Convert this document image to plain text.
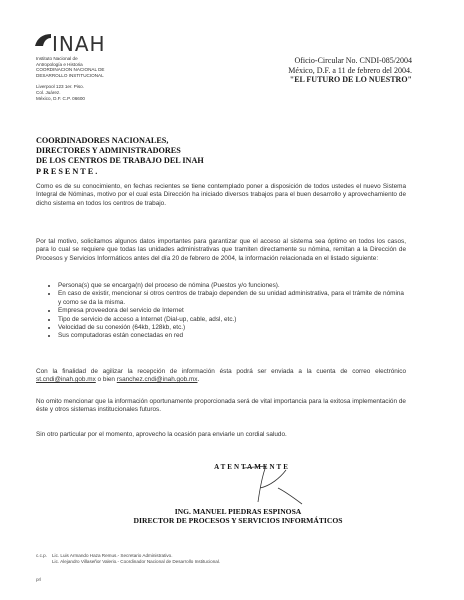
INAH
Instituto Nacional de
Antropología e Historia
COORDINACION NACIONAL DE
DESARROLLO INSTITUCIONAL
Liverpool 123 1er. Piso.
Col. Juárez.
México, D.F. C.P. 06600
Oficio-Circular No. CNDI-085/2004
México, D.F. a 11 de febrero del 2004.
"EL FUTURO DE LO NUESTRO"
COORDINADORES NACIONALES,
DIRECTORES Y ADMINISTRADORES
DE LOS CENTROS DE TRABAJO DEL INAH
PRESENTE.
Como es de su conocimiento, en fechas recientes se tiene contemplado poner a disposición de todos ustedes el nuevo Sistema Integral de Nóminas, motivo por el cual esta Dirección ha iniciado diversos trabajos para el buen desarrollo y aprovechamiento de dicho sistema en todos los centros de trabajo.
Por tal motivo, solicitamos algunos datos importantes para garantizar que el acceso al sistema sea óptimo en todos los casos, para lo cual se requiere que todas las unidades administrativas que tramiten directamente su nómina, remitan a la Dirección de Procesos y Servicios Informáticos antes del día 20 de febrero de 2004, la información relacionada en el listado siguiente:
• Persona(s) que se encarga(n) del proceso de nómina (Puestos y/o funciones).
• En caso de existir, mencionar si otros centros de trabajo dependen de su unidad administrativa, para el trámite de nómina y como se da la misma.
• Empresa proveedora del servicio de Internet
• Tipo de servicio de acceso a Internet (Dial-up, cable, adsl, etc.)
• Velocidad de su conexión (64kb, 128kb, etc.)
• Sus computadoras están conectadas en red
Con la finalidad de agilizar la recepción de información ésta podrá ser enviada a la cuenta de correo electrónico st.cndi@inah.gob.mx o bien rsanchez.cndi@inah.gob.mx.
No omito mencionar que la información oportunamente proporcionada será de vital importancia para la exitosa implementación de éste y otros sistemas institucionales futuros.
Sin otro particular por el momento, aprovecho la ocasión para enviarle un cordial saludo.
ATENTAMENTE
ING. MANUEL PIEDRAS ESPINOSA
DIRECTOR DE PROCESOS Y SERVICIOS INFORMÁTICOS
c.c.p.	Lic. Luis Armando Haza Remus.- Secretario Administrativo.
Lic. Alejandro Villaseñor Valerio.- Coordinador Nacional de Desarrollo Institucional.
prl
